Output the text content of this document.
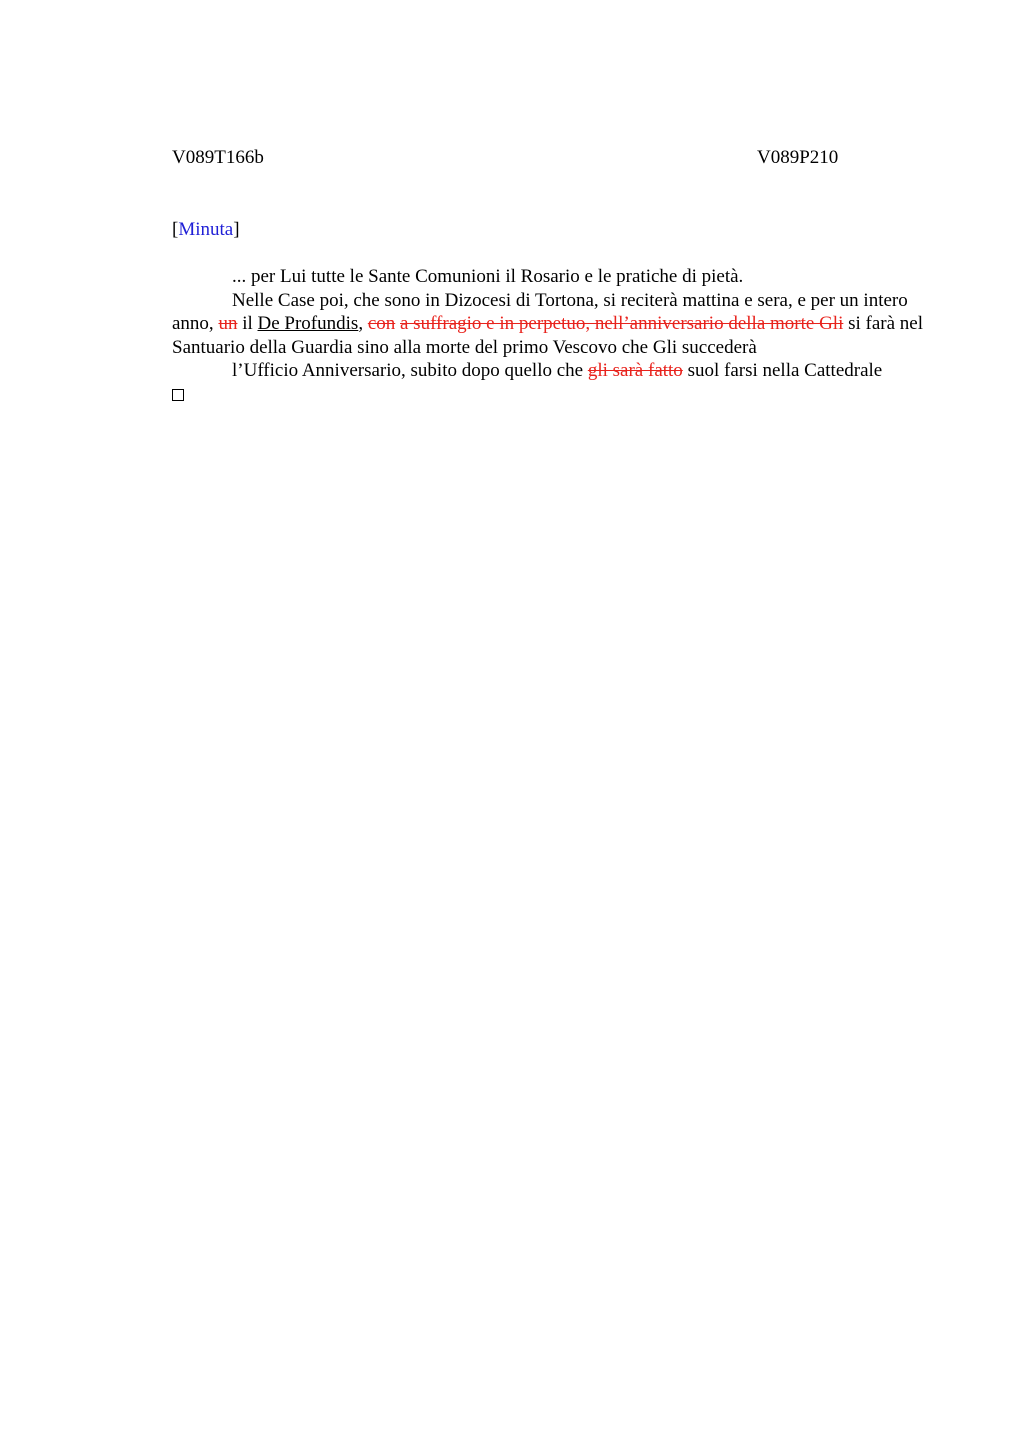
V089T166b	V089P210
[Minuta]

... per Lui tutte le Sante Comunioni il Rosario e le pratiche di pietà.

Nelle Case poi, che sono in Dizocesi di Tortona, si reciterà mattina e sera, e per un intero anno, un il De Profundis, con a suffragio e in perpetuo, nell’anniversario della morte Gli si farà nel Santuario della Guardia sino alla morte del primo Vescovo che Gli succederà

l’Ufficio Anniversario, subito dopo quello che gli sarà fatto suol farsi nella Cattedrale
